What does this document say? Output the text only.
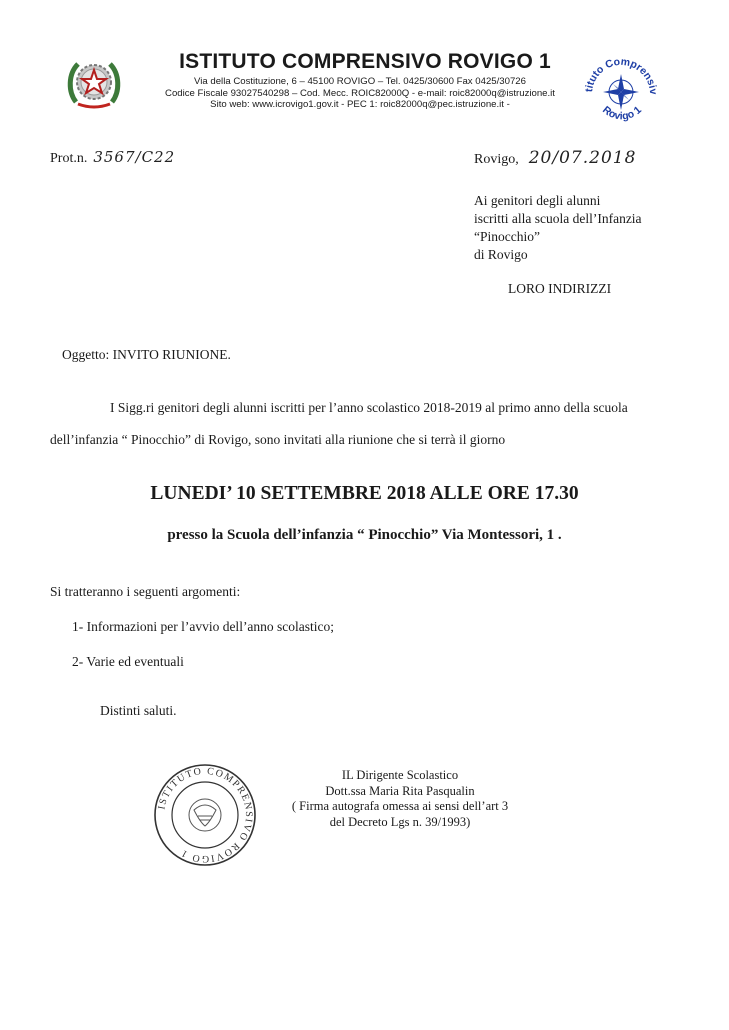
ISTITUTO COMPRENSIVO ROVIGO 1
Via della Costituzione, 6 – 45100 ROVIGO – Tel. 0425/30600 Fax 0425/30726
Codice Fiscale 93027540298 – Cod. Mecc. ROIC82000Q - e-mail: roic82000q@istruzione.it
Sito web: www.icrovigo1.gov.it - PEC 1: roic82000q@pec.istruzione.it -
tituto Comprensiv
Rovigo 1
Prot.n. 3567/C22	Rovigo, 20/07.2018
Ai genitori degli alunni
iscritti alla scuola dell’Infanzia
“Pinocchio”
di Rovigo
LORO INDIRIZZI
Oggetto: INVITO RIUNIONE.
I Sigg.ri genitori degli alunni iscritti per l’anno scolastico 2018-2019 al primo anno della scuola
dell’infanzia “ Pinocchio” di Rovigo, sono invitati alla riunione che si terrà il giorno
LUNEDI’ 10 SETTEMBRE 2018 ALLE ORE 17.30
presso la Scuola dell’infanzia “ Pinocchio” Via Montessori, 1 .
Si tratteranno i seguenti argomenti:
1- Informazioni per l’avvio dell’anno scolastico;
2- Varie ed eventuali
Distinti saluti.
ISTITUTO COMPRENSIVO ROVIGO 1
IL Dirigente Scolastico
Dott.ssa Maria Rita Pasqualin
( Firma autografa omessa ai sensi dell’art 3
del Decreto Lgs n. 39/1993)
